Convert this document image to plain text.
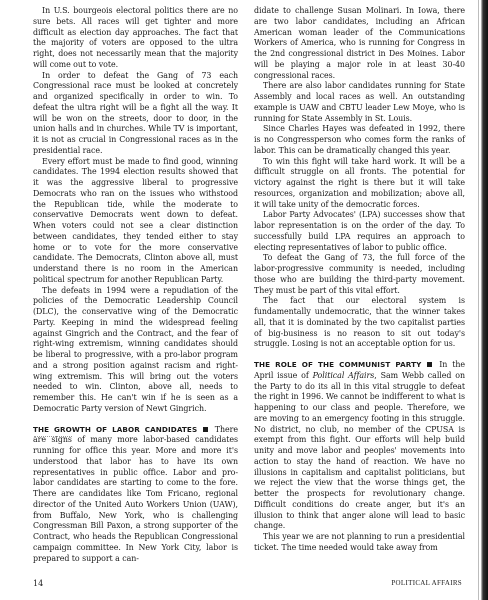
In U.S. bourgeois electoral politics there are no sure bets. All races will get tighter and more difficult as election day approaches. The fact that the majority of voters are opposed to the ultra right, does not necessarily mean that the majority will come out to vote.

In order to defeat the Gang of 73 each Congressional race must be looked at concretely and organized specifically in order to win. To defeat the ultra right will be a fight all the way. It will be won on the streets, door to door, in the union halls and in churches. While TV is important, it is not as crucial in Congressional races as in the presidential race.

Every effort must be made to find good, winning candidates. The 1994 election results showed that it was the aggressive liberal to progressive Democrats who ran on the issues who withstood the Republican tide, while the moderate to conservative Democrats went down to defeat. When voters could not see a clear distinction between candidates, they tended either to stay home or to vote for the more conservative candidate. The Democrats, Clinton above all, must understand there is no room in the American political spectrum for another Republican Party.

The defeats in 1994 were a repudiation of the policies of the Democratic Leadership Council (DLC), the conservative wing of the Democratic Party. Keeping in mind the widespread feeling against Gingrich and the Contract, and the fear of right-wing extremism, winning candidates should be liberal to progressive, with a pro-labor program and a strong position against racism and right- wing extremism. This will bring out the voters needed to win. Clinton, above all, needs to remember this. He can't win if he is seen as a Democratic Party version of Newt Gingrich.

THE GROWTH OF LABOR CANDIDATES There are signs of many more labor-based candidates running for office this year. More and more it's understood that labor has to have its own representatives in public office. Labor and pro-labor candidates are starting to come to the fore. There are candidates like Tom Fricano, regional director of the United Auto Workers Union (UAW), from Buffalo, New York, who is challenging Congressman Bill Paxon, a strong supporter of the Contract, who heads the Republican Congressional campaign committee. In New York City, labor is prepared to support a can-

didate to challenge Susan Molinari. In Iowa, there are two labor candidates, including an African American woman leader of the Communications Workers of America, who is running for Congress in the 2nd congressional district in Des Moines. Labor will be playing a major role in at least 30-40 congressional races.

There are also labor candidates running for State Assembly and local races as well. An outstanding example is UAW and CBTU leader Lew Moye, who is running for State Assembly in St. Louis.

Since Charles Hayes was defeated in 1992, there is no Congressperson who comes form the ranks of labor. This can be dramatically changed this year.

To win this fight will take hard work. It will be a difficult struggle on all fronts. The potential for victory against the right is there but it will take resources, organization and mobilization; above all, it will take unity of the democratic forces.

Labor Party Advocates' (LPA) successes show that labor representation is on the order of the day. To successfully build LPA requires an approach to electing representatives of labor to public office.

To defeat the Gang of 73, the full force of the labor-progressive community is needed, including those who are building the third-party movement. They must be part of this vital effort.

The fact that our electoral system is fundamentally undemocratic, that the winner takes all, that it is dominated by the two capitalist parties of big-business is no reason to sit out today's struggle. Losing is not an acceptable option for us.

THE ROLE OF THE COMMUNIST PARTY In the April issue of Political Affairs, Sam Webb called on the Party to do its all in this vital struggle to defeat the right in 1996. We cannot be indifferent to what is happening to our class and people. Therefore, we are moving to an emergency footing in this struggle. No district, no club, no member of the CPUSA is exempt from this fight. Our efforts will help build unity and move labor and peoples' movements into action to stay the hand of reaction. We have no illusions in capitalism and capitalist politicians, but we reject the view that the worse things get, the better the prospects for revolutionary change. Difficult conditions do create anger, but it's an illusion to think that anger alone will lead to basic change.

This year we are not planning to run a presidential ticket. The time needed would take away from

14	POLITICAL AFFAIRS
